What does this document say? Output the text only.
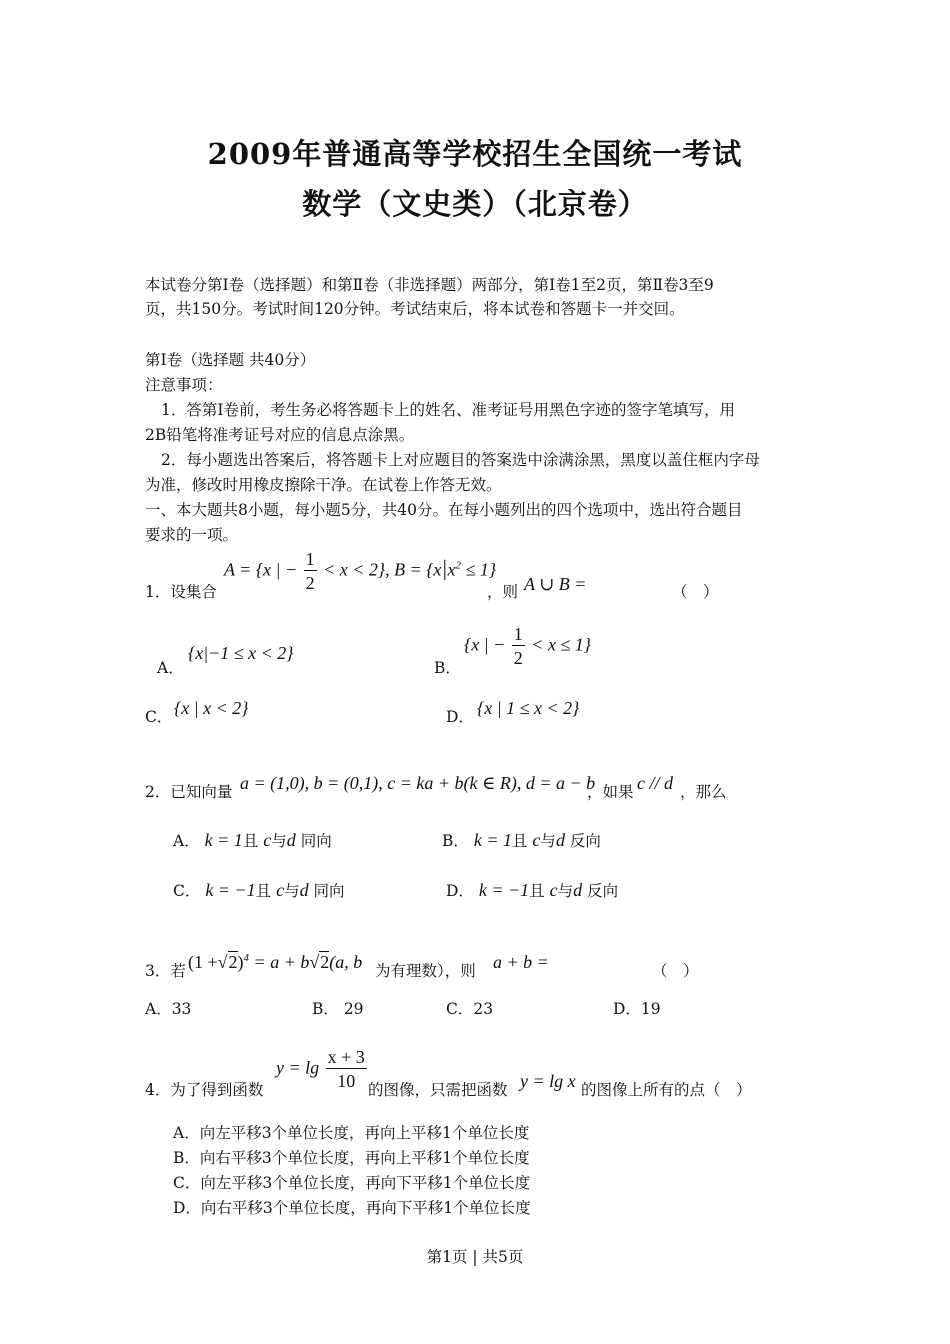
2009年普通高等学校招生全国统一考试
数学（文史类）（北京卷）
本试卷分第Ⅰ卷（选择题）和第Ⅱ卷（非选择题）两部分，第Ⅰ卷1至2页，第Ⅱ卷3至9
页，共150分。考试时间120分钟。考试结束后，将本试卷和答题卡一并交回。
第Ⅰ卷（选择题 共40分）
注意事项：
1．答第Ⅰ卷前，考生务必将答题卡上的姓名、准考证号用黑色字迹的签字笔填写，用
2B铅笔将准考证号对应的信息点涂黑。
2．每小题选出答案后，将答题卡上对应题目的答案选中涂满涂黑，黑度以盖住框内字母
为准，修改时用橡皮擦除干净。在试卷上作答无效。
一、本大题共8小题，每小题5分，共40分。在每小题列出的四个选项中，选出符合题目
要求的一项。
1．设集合
A = {x | − $\frac{1}{2} < x < 2$}, $B = \{x|x^2 \le 1\}$
，则 A ∪ B =	（　）
A．
{x|−1 ≤ x < 2}
B．
{x | − $\frac{1}{2} < x \le 1$}
C． {x | x < 2}	D． {x | 1 ≤ x < 2}
2．已知向量 a = (1,0), b = (0,1), c = ka + b(k ∈ R), d = a − b
，如果 c // d ，那么
A． k = 1且 c与d 同向	B． k = 1且 c与d 反向
C． k = −1且 c与d 同向	D． k = −1且 c与d 反向
3．若 $(1 +√2)^4 = a + b√2(a$, b 为有理数），则 a + b =	（　）
A．33	B． 29	C．23	D．19
4．为了得到函数
$y = \lg \frac{x + 3}{10}$ 的图像，只需把函数 y = lg x 的图像上所有的点（　）
A．向左平移3个单位长度，再向上平移1个单位长度
B．向右平移3个单位长度，再向上平移1个单位长度
C．向左平移3个单位长度，再向下平移1个单位长度
D．向右平移3个单位长度，再向下平移1个单位长度
第1页 | 共5页
